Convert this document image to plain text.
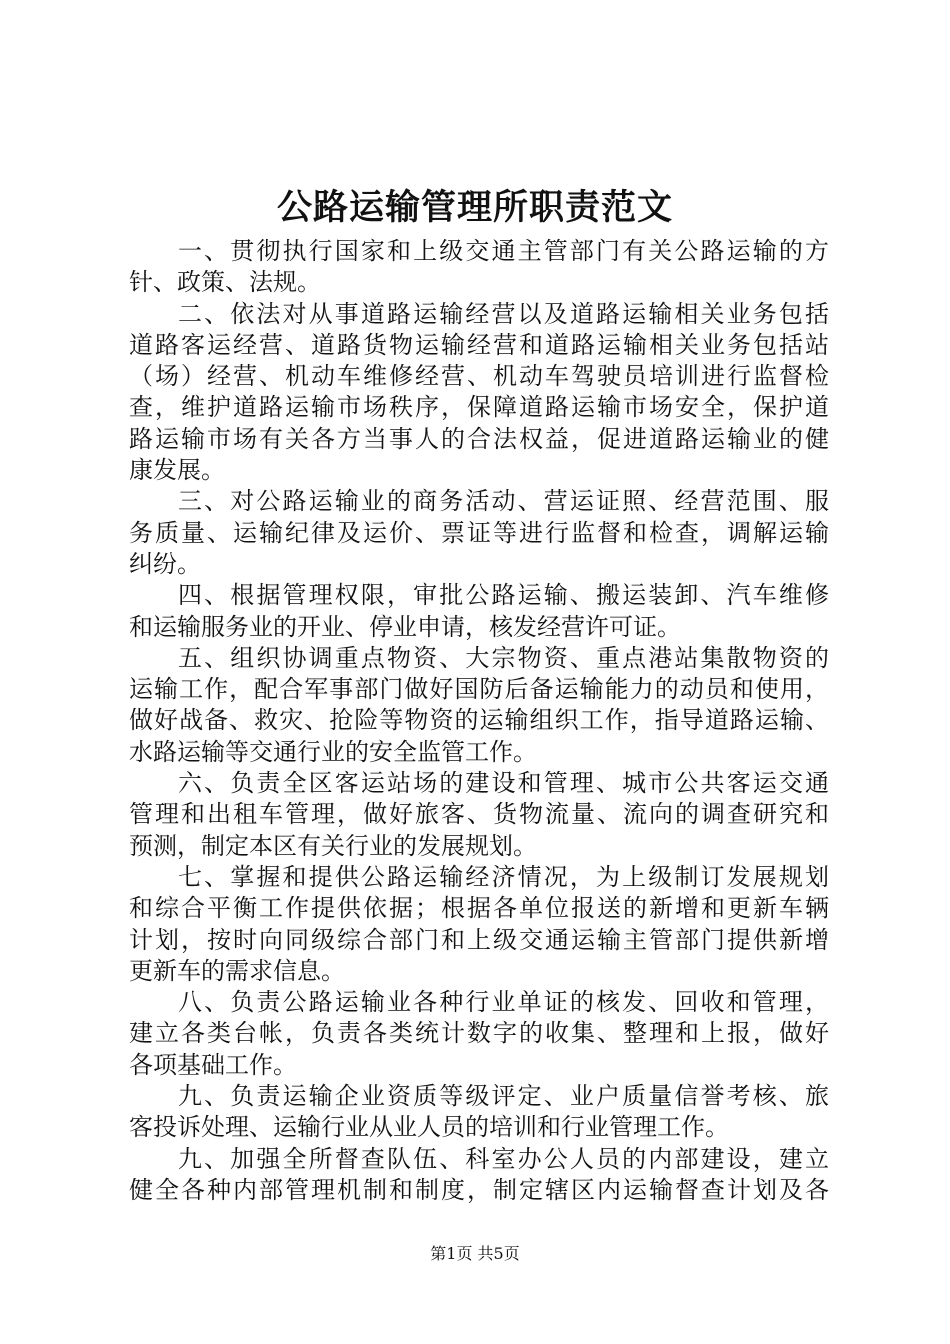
公路运输管理所职责范文
一、贯彻执行国家和上级交通主管部门有关公路运输的方
针、政策、法规。
二、依法对从事道路运输经营以及道路运输相关业务包括
道路客运经营、道路货物运输经营和道路运输相关业务包括站
（场）经营、机动车维修经营、机动车驾驶员培训进行监督检
查，维护道路运输市场秩序，保障道路运输市场安全，保护道
路运输市场有关各方当事人的合法权益，促进道路运输业的健
康发展。
三、对公路运输业的商务活动、营运证照、经营范围、服
务质量、运输纪律及运价、票证等进行监督和检查，调解运输
纠纷。
四、根据管理权限，审批公路运输、搬运装卸、汽车维修
和运输服务业的开业、停业申请，核发经营许可证。
五、组织协调重点物资、大宗物资、重点港站集散物资的
运输工作，配合军事部门做好国防后备运输能力的动员和使用，
做好战备、救灾、抢险等物资的运输组织工作，指导道路运输、
水路运输等交通行业的安全监管工作。
六、负责全区客运站场的建设和管理、城市公共客运交通
管理和出租车管理，做好旅客、货物流量、流向的调查研究和
预测，制定本区有关行业的发展规划。
七、掌握和提供公路运输经济情况，为上级制订发展规划
和综合平衡工作提供依据；根据各单位报送的新增和更新车辆
计划，按时向同级综合部门和上级交通运输主管部门提供新增
更新车的需求信息。
八、负责公路运输业各种行业单证的核发、回收和管理，
建立各类台帐，负责各类统计数字的收集、整理和上报，做好
各项基础工作。
九、负责运输企业资质等级评定、业户质量信誉考核、旅
客投诉处理、运输行业从业人员的培训和行业管理工作。
九、加强全所督查队伍、科室办公人员的内部建设，建立
健全各种内部管理机制和制度，制定辖区内运输督查计划及各
第1页 共5页
